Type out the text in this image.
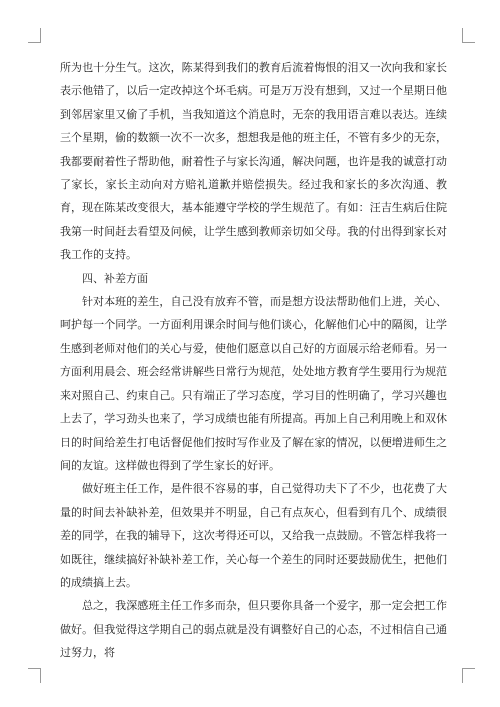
所为也十分生气。这次，陈某得到我们的教育后流着悔恨的泪又一次向我和家长表示他错了，以后一定改掉这个坏毛病。可是万万没有想到，又过一个星期日他到邻居家里又偷了手机，当我知道这个消息时，无奈的我用语言难以表达。连续三个星期，偷的数额一次不一次多，想想我是他的班主任，不管有多少的无奈，我都要耐着性子帮助他，耐着性子与家长沟通，解决问题，也许是我的诚意打动了家长，家长主动向对方赔礼道歉并赔偿损失。经过我和家长的多次沟通、教育，现在陈某改变很大，基本能遵守学校的学生规范了。有如：汪吉生病后住院我第一时间赶去看望及问候，让学生感到教师亲切如父母。我的付出得到家长对我工作的支持。

四、补差方面

针对本班的差生，自己没有放弃不管，而是想方设法帮助他们上进，关心、呵护每一个同学。一方面利用课余时间与他们谈心，化解他们心中的隔阂，让学生感到老师对他们的关心与爱，使他们愿意以自己好的方面展示给老师看。另一方面利用晨会、班会经常讲解些日常行为规范，处处地方教育学生要用行为规范来对照自己、约束自己。只有端正了学习态度，学习目的性明确了，学习兴趣也上去了，学习劲头也来了，学习成绩也能有所提高。再加上自己利用晚上和双休日的时间给差生打电话督促他们按时写作业及了解在家的情况，以便增进师生之间的友谊。这样做也得到了学生家长的好评。

做好班主任工作，是件很不容易的事，自己觉得功夫下了不少，也花费了大量的时间去补缺补差，但效果并不明显，自己有点灰心，但看到有几个、成绩很差的同学，在我的辅导下，这次考得还可以，又给我一点鼓励。不管怎样我将一如既往，继续搞好补缺补差工作，关心每一个差生的同时还要鼓励优生，把他们的成绩搞上去。

总之，我深感班主任工作多而杂，但只要你具备一个爱字，那一定会把工作做好。但我觉得这学期自己的弱点就是没有调整好自己的心态，不过相信自己通过努力，将
